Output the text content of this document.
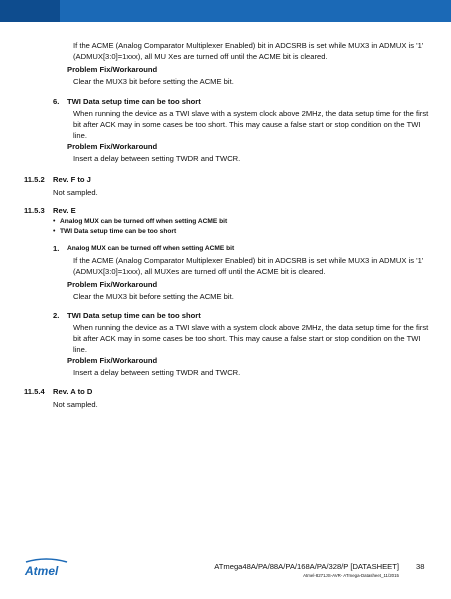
If the ACME (Analog Comparator Multiplexer Enabled) bit in ADCSRB is set while MUX3 in ADMUX is '1'
(ADMUX[3:0]=1xxx), all MU Xes are turned off until the ACME bit is cleared.
Problem Fix/Workaround
Clear the MUX3 bit before setting the ACME bit.
6. TWI Data setup time can be too short
When running the device as a TWI slave with a system clock above 2MHz, the data setup time for the first
bit after ACK may in some cases be too short. This may cause a false start or stop condition on the TWI
line.
Problem Fix/Workaround
Insert a delay between setting TWDR and TWCR.
11.5.2 Rev. F to J
Not sampled.
11.5.3 Rev. E
• Analog MUX can be turned off when setting ACME bit
• TWI Data setup time can be too short
1. Analog MUX can be turned off when setting ACME bit
If the ACME (Analog Comparator Multiplexer Enabled) bit in ADCSRB is set while MUX3 in ADMUX is '1'
(ADMUX[3:0]=1xxx), all MUXes are turned off until the ACME bit is cleared.
Problem Fix/Workaround
Clear the MUX3 bit before setting the ACME bit.
2. TWI Data setup time can be too short
When running the device as a TWI slave with a system clock above 2MHz, the data setup time for the first
bit after ACK may in some cases be too short. This may cause a false start or stop condition on the TWI
line.
Problem Fix/Workaround
Insert a delay between setting TWDR and TWCR.
11.5.4 Rev. A to D
Not sampled.
Atmel	ATmega48A/PA/88A/PA/168A/PA/328/P [DATASHEET] 38
Atmel-8271JS-AVR- ATmega-Datasheet_11/2015
